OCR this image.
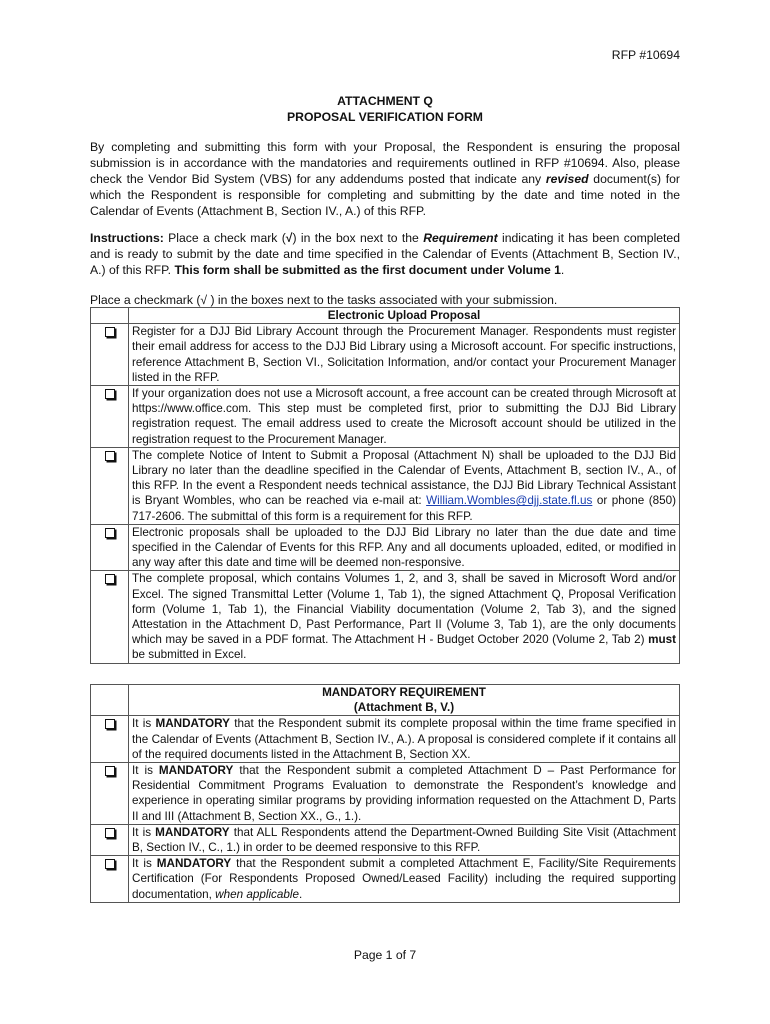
RFP #10694
ATTACHMENT Q
PROPOSAL VERIFICATION FORM
By completing and submitting this form with your Proposal, the Respondent is ensuring the proposal submission is in accordance with the mandatories and requirements outlined in RFP #10694. Also, please check the Vendor Bid System (VBS) for any addendums posted that indicate any revised document(s) for which the Respondent is responsible for completing and submitting by the date and time noted in the Calendar of Events (Attachment B, Section IV., A.) of this RFP.
Instructions: Place a check mark (√) in the box next to the Requirement indicating it has been completed and is ready to submit by the date and time specified in the Calendar of Events (Attachment B, Section IV., A.) of this RFP. This form shall be submitted as the first document under Volume 1.
Place a checkmark (√ ) in the boxes next to the tasks associated with your submission.
	Electronic Upload Proposal
	Register for a DJJ Bid Library Account through the Procurement Manager. Respondents must register their email address for access to the DJJ Bid Library using a Microsoft account. For specific instructions, reference Attachment B, Section VI., Solicitation Information, and/or contact your Procurement Manager listed in the RFP.
	If your organization does not use a Microsoft account, a free account can be created through Microsoft at https://www.office.com. This step must be completed first, prior to submitting the DJJ Bid Library registration request. The email address used to create the Microsoft account should be utilized in the registration request to the Procurement Manager.
	The complete Notice of Intent to Submit a Proposal (Attachment N) shall be uploaded to the DJJ Bid Library no later than the deadline specified in the Calendar of Events, Attachment B, section IV., A., of this RFP. In the event a Respondent needs technical assistance, the DJJ Bid Library Technical Assistant is Bryant Wombles, who can be reached via e-mail at: William.Wombles@djj.state.fl.us or phone (850) 717-2606. The submittal of this form is a requirement for this RFP.
	Electronic proposals shall be uploaded to the DJJ Bid Library no later than the due date and time specified in the Calendar of Events for this RFP. Any and all documents uploaded, edited, or modified in any way after this date and time will be deemed non-responsive.
	The complete proposal, which contains Volumes 1, 2, and 3, shall be saved in Microsoft Word and/or Excel. The signed Transmittal Letter (Volume 1, Tab 1), the signed Attachment Q, Proposal Verification form (Volume 1, Tab 1), the Financial Viability documentation (Volume 2, Tab 3), and the signed Attestation in the Attachment D, Past Performance, Part II (Volume 3, Tab 1), are the only documents which may be saved in a PDF format. The Attachment H - Budget October 2020 (Volume 2, Tab 2) must be submitted in Excel.

	MANDATORY REQUIREMENT
(Attachment B, V.)

	It is MANDATORY that the Respondent submit its complete proposal within the time frame specified in the Calendar of Events (Attachment B, Section IV., A.). A proposal is considered complete if it contains all of the required documents listed in the Attachment B, Section XX.
	It is MANDATORY that the Respondent submit a completed Attachment D – Past Performance for Residential Commitment Programs Evaluation to demonstrate the Respondent’s knowledge and experience in operating similar programs by providing information requested on the Attachment D, Parts II and III (Attachment B, Section XX., G., 1.).
	It is MANDATORY that ALL Respondents attend the Department-Owned Building Site Visit (Attachment B, Section IV., C., 1.) in order to be deemed responsive to this RFP.
	It is MANDATORY that the Respondent submit a completed Attachment E, Facility/Site Requirements Certification (For Respondents Proposed Owned/Leased Facility) including the required supporting documentation, when applicable.
Page 1 of 7
